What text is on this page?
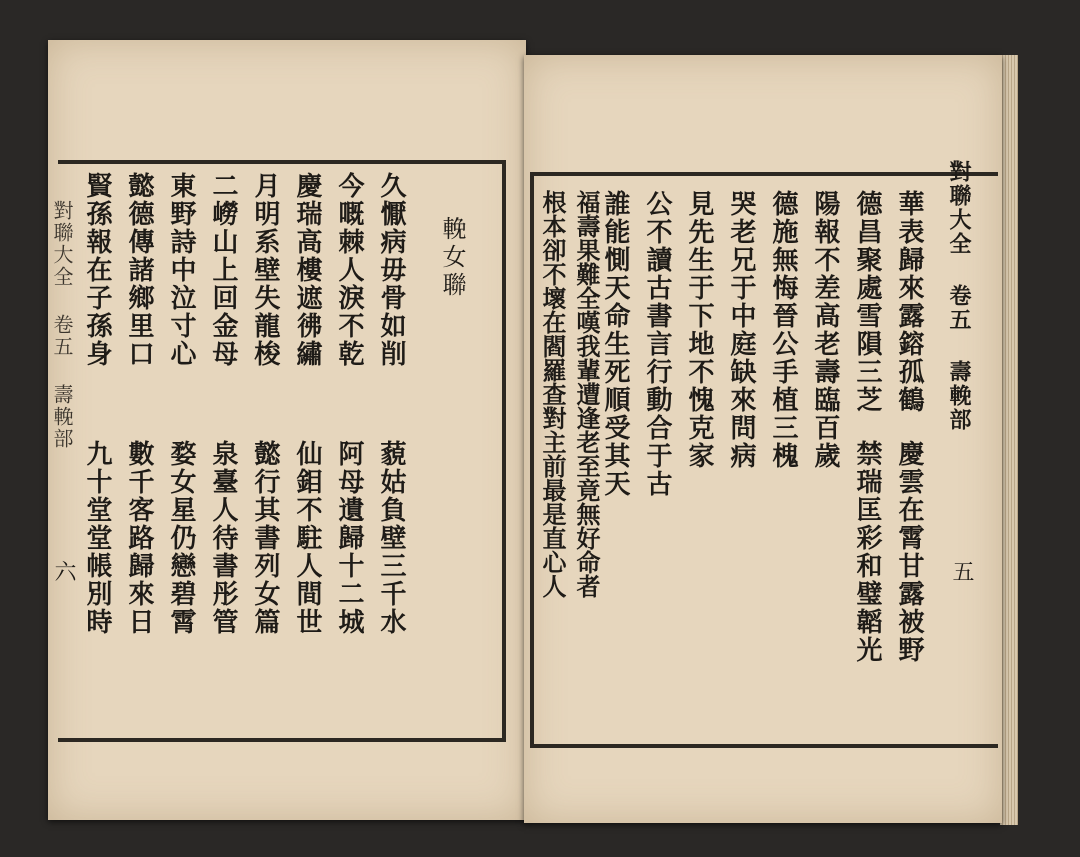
輓女聯
久懨病毋骨如削
藐姑負壁三千水
今嘅棘人淚不乾
阿母遺歸十二城
慶瑞高樓遮彿繡
仙鉬不駐人間世
月明系壁失龍梭
懿行其書列女篇
二嶗山上回金母
泉臺人待書彤管
東野詩中泣寸心
婺女星仍戀碧霄
懿德傳諸鄉里口
數千客路歸來日
賢孫報在子孫身
九十堂堂帳別時
對聯大全 卷五 壽輓部
六
對聯大全 卷五 壽輓部
五
華表歸來露鎔孤鶴
慶雲在霄甘露被野
德昌聚處雪隕三芝
禁瑞匡彩和璧韜光
陽報不差高老壽臨百歲
德施無悔晉公手植三槐
哭老兄于中庭缺來問病
見先生于下地不愧克家
公不讀古書言行動合于古
誰能惻天命生死順受其天
福壽果難全嘆我輩遭逢老至竟無好命者
根本卻不壞在閻羅查對主前最是直心人
